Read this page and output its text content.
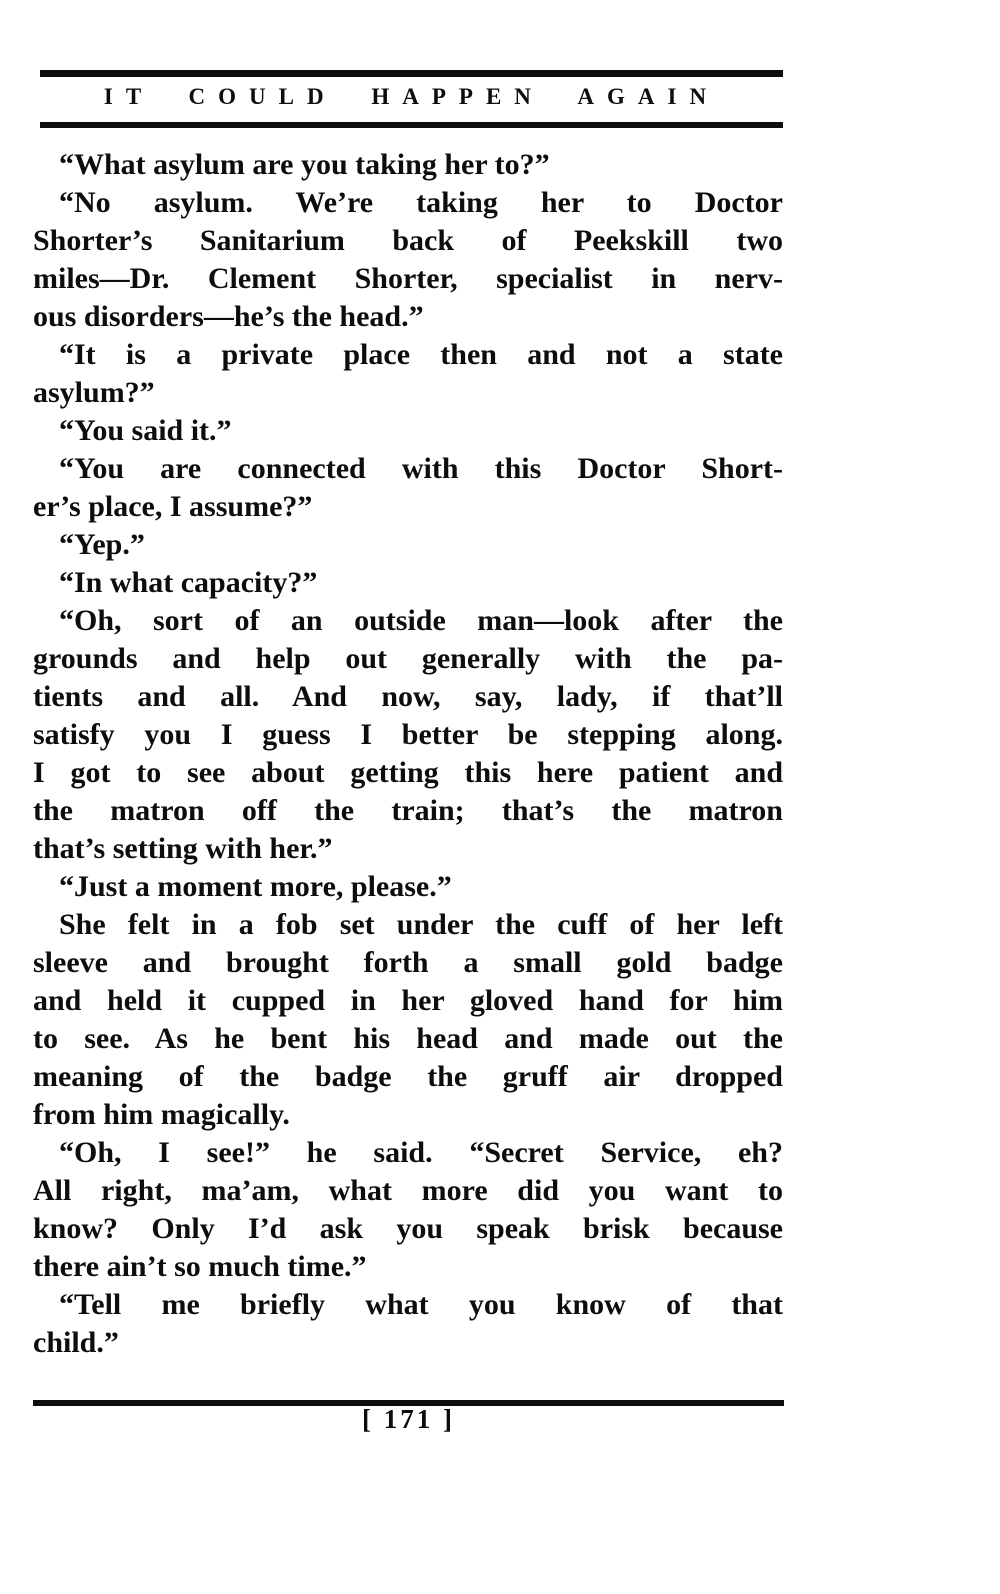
IT COULD HAPPEN AGAIN
“What asylum are you taking her to?”
“No asylum. We’re taking her to Doctor
Shorter’s Sanitarium back of Peekskill two
miles—Dr. Clement Shorter, specialist in nerv-
ous disorders—he’s the head.”
“It is a private place then and not a state
asylum?”
“You said it.”
“You are connected with this Doctor Short-
er’s place, I assume?”
“Yep.”
“In what capacity?”
“Oh, sort of an outside man—look after the
grounds and help out generally with the pa-
tients and all. And now, say, lady, if that’ll
satisfy you I guess I better be stepping along.
I got to see about getting this here patient and
the matron off the train; that’s the matron
that’s setting with her.”
“Just a moment more, please.”
She felt in a fob set under the cuff of her left
sleeve and brought forth a small gold badge
and held it cupped in her gloved hand for him
to see. As he bent his head and made out the
meaning of the badge the gruff air dropped
from him magically.
“Oh, I see!” he said. “Secret Service, eh?
All right, ma’am, what more did you want to
know? Only I’d ask you speak brisk because
there ain’t so much time.”
“Tell me briefly what you know of that
child.”
[ 171 ]
